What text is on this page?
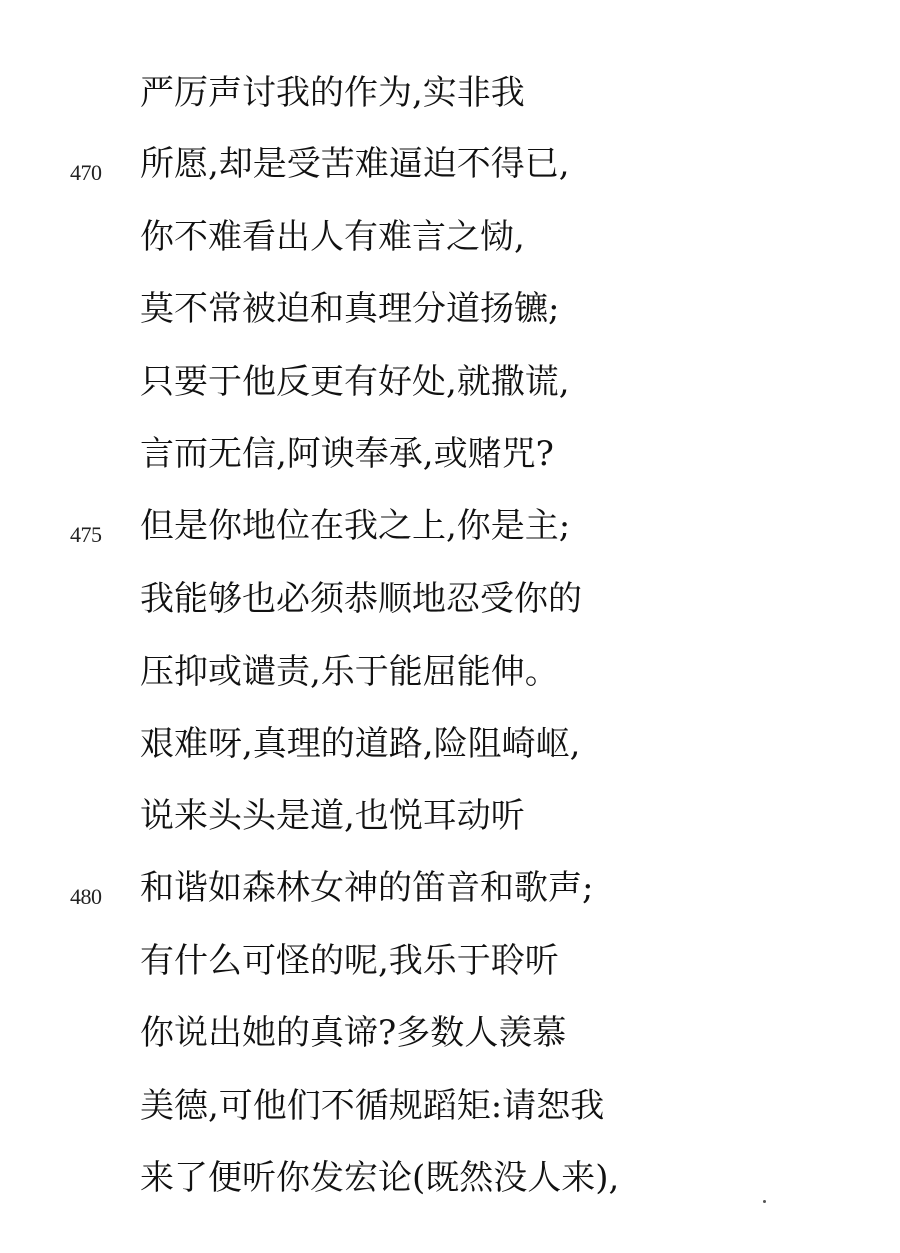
严厉声讨我的作为,实非我
470 所愿,却是受苦难逼迫不得已,
你不难看出人有难言之恸,
莫不常被迫和真理分道扬镳;
只要于他反更有好处,就撒谎,
言而无信,阿谀奉承,或赌咒?
475 但是你地位在我之上,你是主;
我能够也必须恭顺地忍受你的
压抑或谴责,乐于能屈能伸。
艰难呀,真理的道路,险阻崎岖,
说来头头是道,也悦耳动听
480 和谐如森林女神的笛音和歌声;
有什么可怪的呢,我乐于聆听
你说出她的真谛?多数人羡慕
美德,可他们不循规蹈矩:请恕我
来了便听你发宏论(既然没人来),
